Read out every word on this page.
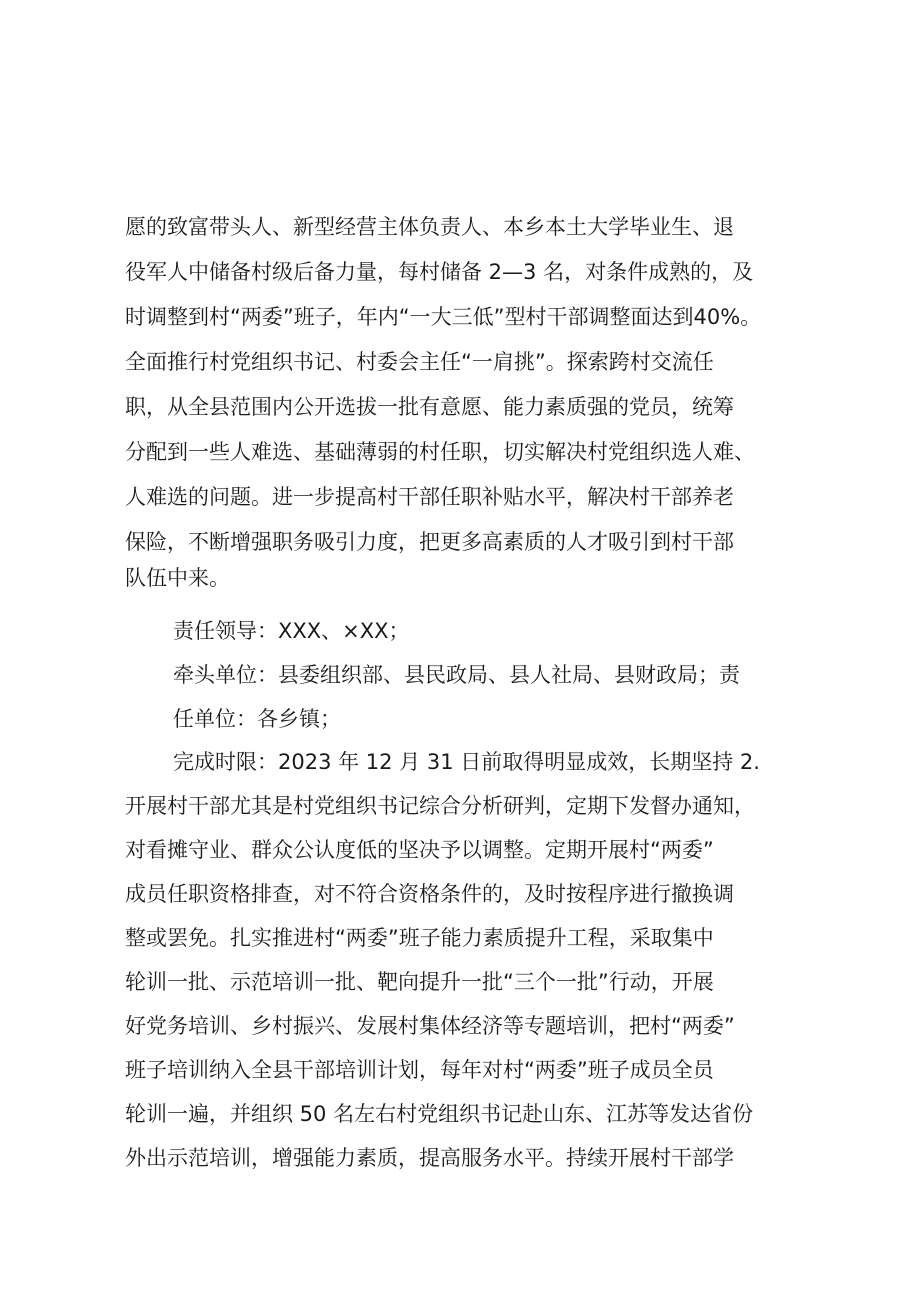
愿的致富带头人、新型经营主体负责人、本乡本土大学毕业生、退
役军人中储备村级后备力量，每村储备 2—3 名，对条件成熟的，及
时调整到村“两委”班子，年内“一大三低”型村干部调整面达到40%。
全面推行村党组织书记、村委会主任“一肩挑”。探索跨村交流任
职，从全县范围内公开选拔一批有意愿、能力素质强的党员，统筹
分配到一些人难选、基础薄弱的村任职，切实解决村党组织选人难、
人难选的问题。进一步提高村干部任职补贴水平，解决村干部养老
保险，不断增强职务吸引力度，把更多高素质的人才吸引到村干部
队伍中来。
责任领导：XXX、×XX；
牵头单位：县委组织部、县民政局、县人社局、县财政局；责
任单位：各乡镇；
完成时限：2023 年 12 月 31 日前取得明显成效，长期坚持 2.
开展村干部尤其是村党组织书记综合分析研判，定期下发督办通知，
对看摊守业、群众公认度低的坚决予以调整。定期开展村“两委”
成员任职资格排查，对不符合资格条件的，及时按程序进行撤换调
整或罢免。扎实推进村“两委”班子能力素质提升工程，采取集中
轮训一批、示范培训一批、靶向提升一批“三个一批”行动，开展
好党务培训、乡村振兴、发展村集体经济等专题培训，把村“两委”
班子培训纳入全县干部培训计划，每年对村“两委”班子成员全员
轮训一遍，并组织 50 名左右村党组织书记赴山东、江苏等发达省份
外出示范培训，增强能力素质，提高服务水平。持续开展村干部学
